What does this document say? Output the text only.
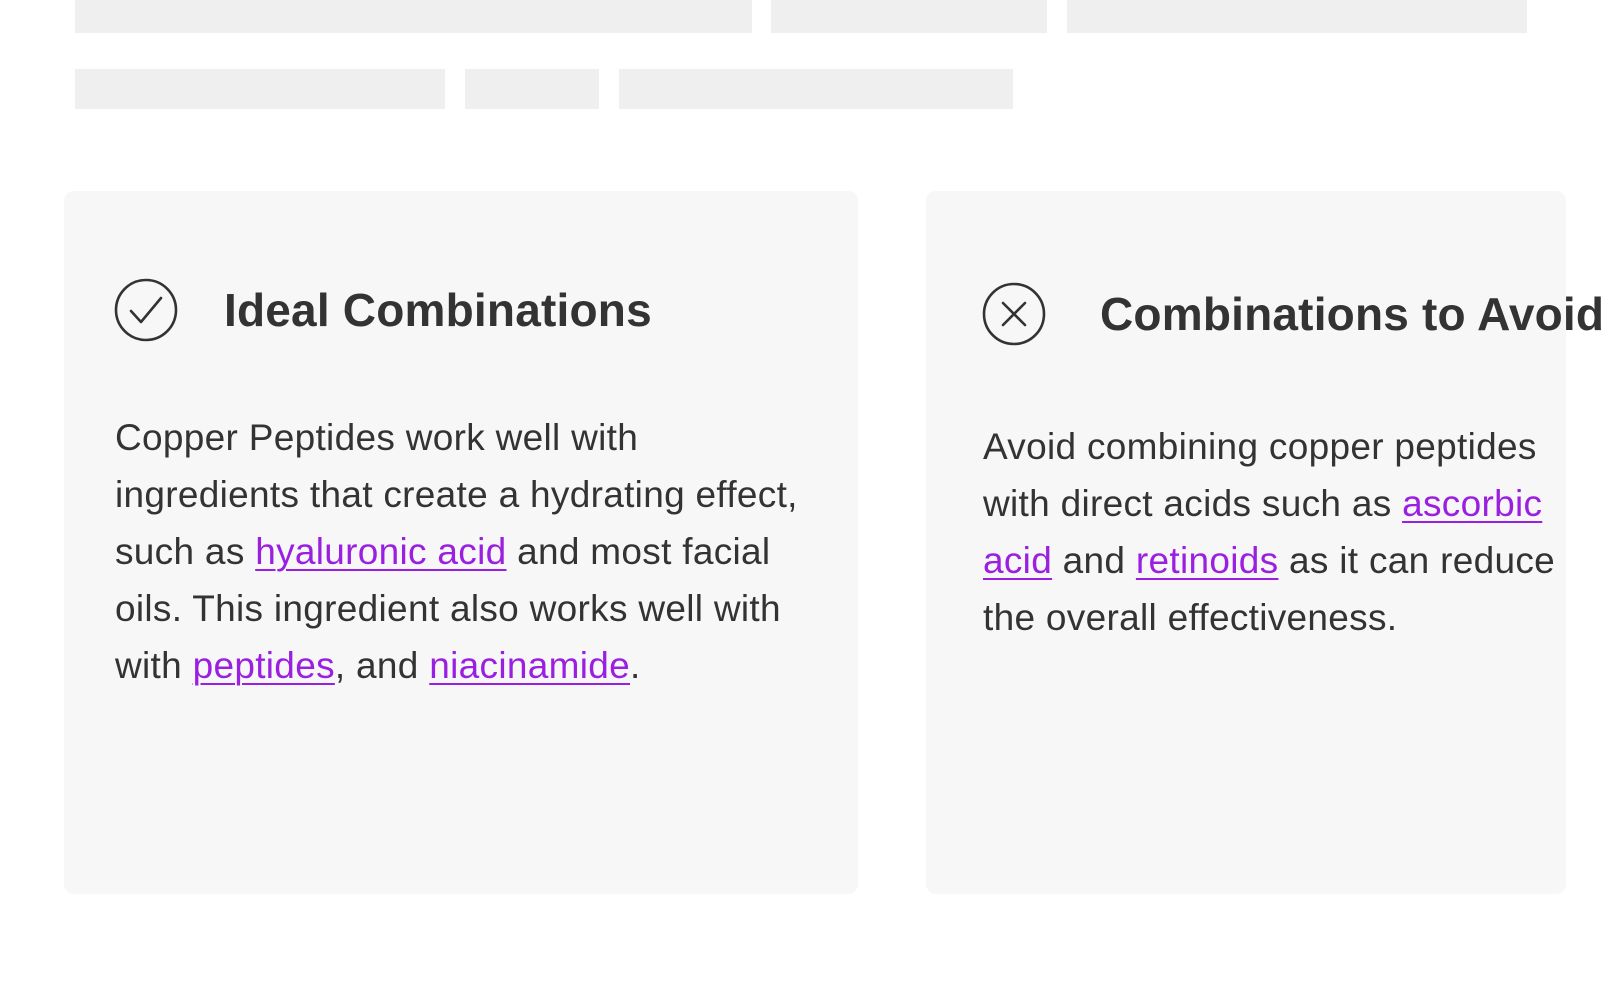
Ideal Combinations

Copper Peptides work well with ingredients that create a hydrating effect, such as hyaluronic acid and most facial oils. This ingredient also works well with with peptides, and niacinamide.

Combinations to Avoid

Avoid combining copper peptides with direct acids such as ascorbic acid and retinoids as it can reduce the overall effectiveness.
